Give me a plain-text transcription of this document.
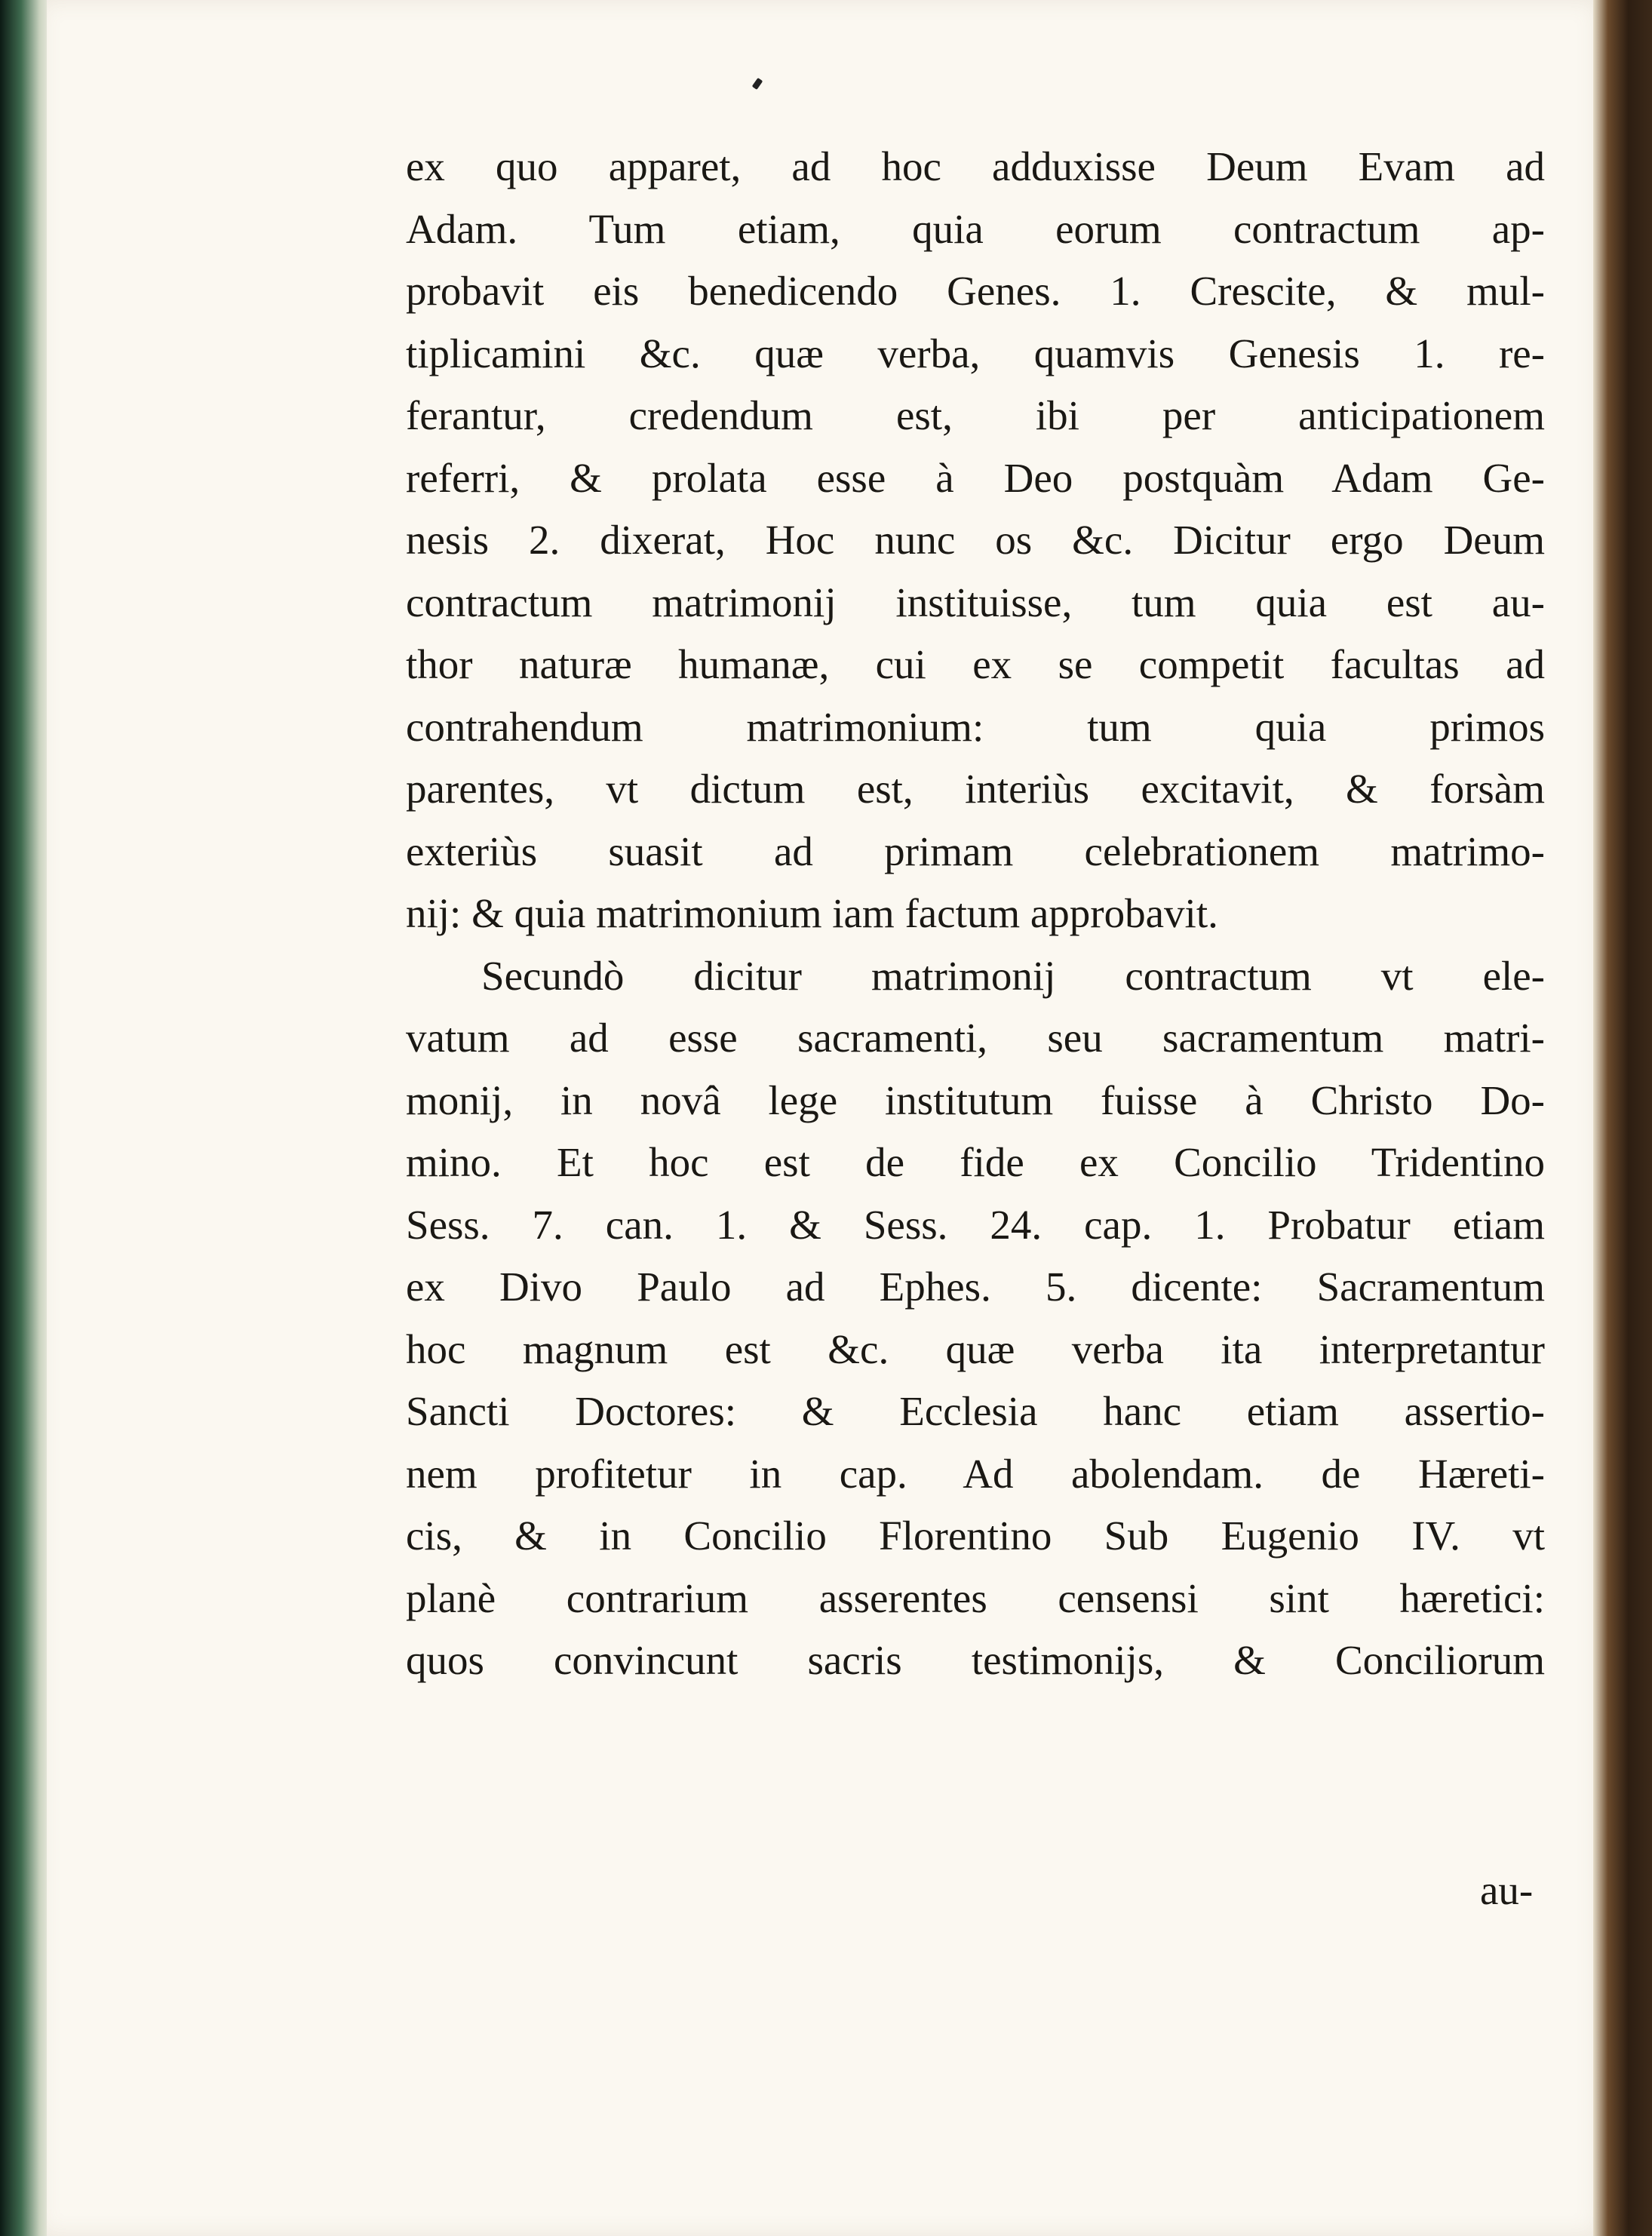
ex quo apparet, ad hoc adduxisse Deum Evam ad
Adam. Tum etiam, quia eorum contractum ap-
probavit eis benedicendo Genes. 1. Crescite, & mul-
tiplicamini &c. quæ verba, quamvis Genesis 1. re-
ferantur, credendum est, ibi per anticipationem
referri, & prolata esse à Deo postquàm Adam Ge-
nesis 2. dixerat, Hoc nunc os &c. Dicitur ergo Deum
contractum matrimonij instituisse, tum quia est au-
thor naturæ humanæ, cui ex se competit facultas ad
contrahendum matrimonium: tum quia primos
parentes, vt dictum est, interiùs excitavit, & forsàm
exteriùs suasit ad primam celebrationem matrimo-
nij: & quia matrimonium iam factum approbavit.
Secundò dicitur matrimonij contractum vt ele-
vatum ad esse sacramenti, seu sacramentum matri-
monij, in novâ lege institutum fuisse à Christo Do-
mino. Et hoc est de fide ex Concilio Tridentino
Sess. 7. can. 1. & Sess. 24. cap. 1. Probatur etiam
ex Divo Paulo ad Ephes. 5. dicente: Sacramentum
hoc magnum est &c. quæ verba ita interpretantur
Sancti Doctores: & Ecclesia hanc etiam assertio-
nem profitetur in cap. Ad abolendam. de Hæreti-
cis, & in Concilio Florentino Sub Eugenio IV. vt
planè contrarium asserentes censensi sint hæretici:
quos convincunt sacris testimonijs, & Conciliorum
au-
